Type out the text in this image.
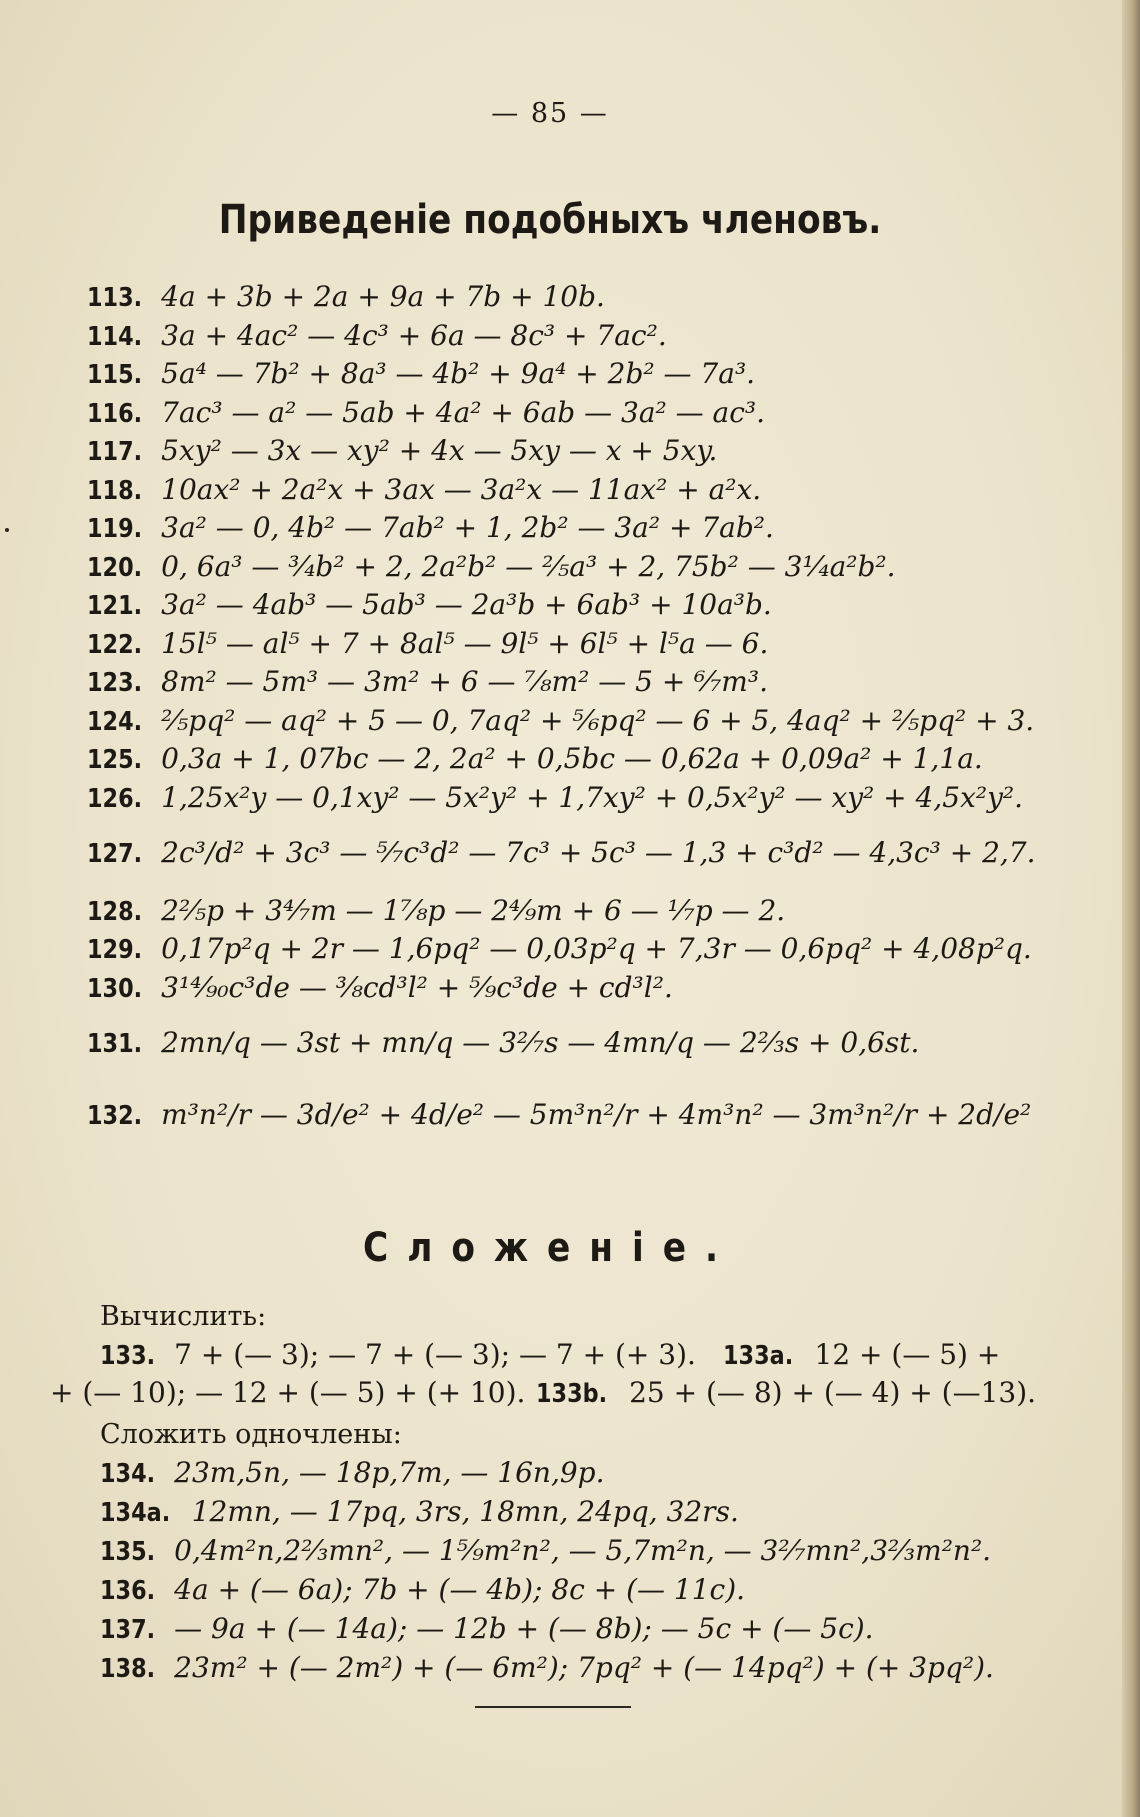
— 85 —
Приведеніе подобныхъ членовъ.
113. 4a + 3b + 2a + 9a + 7b + 10b.
114. 3a + 4ac² — 4c³ + 6a — 8c³ + 7ac².
115. 5a⁴ — 7b² + 8a³ — 4b² + 9a⁴ + 2b² — 7a³.
116. 7ac³ — a² — 5ab + 4a² + 6ab — 3a² — ac³.
117. 5xy² — 3x — xy² + 4x — 5xy — x + 5xy.
118. 10ax² + 2a²x + 3ax — 3a²x — 11ax² + a²x.
119. 3a² — 0, 4b² — 7ab² + 1, 2b² — 3a² + 7ab².
120. 0, 6a³ — ³⁄₄b² + 2, 2a²b² — ²⁄₅a³ + 2, 75b² — 3¹⁄₄a²b².
121. 3a² — 4ab³ — 5ab³ — 2a³b + 6ab³ + 10a³b.
122. 15l⁵ — al⁵ + 7 + 8al⁵ — 9l⁵ + 6l⁵ + l⁵a — 6.
123. 8m² — 5m³ — 3m² + 6 — ⁷⁄₈m² — 5 + ⁶⁄₇m³.
124. ²⁄₅pq² — aq² + 5 — 0, 7aq² + ⁵⁄₆pq² — 6 + 5, 4aq² + ²⁄₅pq² + 3.
125. 0,3a + 1, 07bc — 2, 2a² + 0,5bc — 0,62a + 0,09a² + 1,1a.
126. 1,25x²y — 0,1xy² — 5x²y² + 1,7xy² + 0,5x²y² — xy² + 4,5x²y².
127. 2c³/d² + 3c³ — ⁵⁄₇c³d² — 7c³ + 5c³ — 1,3 + c³d² — 4,3c³ + 2,7.
128. 2²⁄₅p + 3⁴⁄₇m — 1⁷⁄₈p — 2⁴⁄₉m + 6 — ¹⁄₇p — 2.
129. 0,17p²q + 2r — 1,6pq² — 0,03p²q + 7,3r — 0,6pq² + 4,08p²q.
130. 3¹⁴⁄₉₀c³de — ³⁄₈cd³l² + ⁵⁄₉c³de + cd³l².
131. 2mn/q — 3st + mn/q — 3²⁄₇s — 4mn/q — 2²⁄₃s + 0,6st.
132. m³n²/r — 3d/e² + 4d/e² — 5m³n²/r + 4m³n² — 3m³n²/r + 2d/e²
Сложеніе.
Вычислить:
133. 7 + (— 3); — 7 + (— 3); — 7 + (+ 3). 133a. 12 + (— 5) +
+ (— 10); — 12 + (— 5) + (+ 10). 133b. 25 + (— 8) + (— 4) + (—13).
Сложить одночлены:
134. 23m,5n, — 18p,7m, — 16n,9p.
134a. 12mn, — 17pq, 3rs, 18mn, 24pq, 32rs.
135. 0,4m²n,2²⁄₃mn², — 1⁵⁄₉m²n², — 5,7m²n, — 3²⁄₇mn²,3²⁄₃m²n².
136. 4a + (— 6a); 7b + (— 4b); 8c + (— 11c).
137. — 9a + (— 14a); — 12b + (— 8b); — 5c + (— 5c).
138. 23m² + (— 2m²) + (— 6m²); 7pq² + (— 14pq²) + (+ 3pq²).
